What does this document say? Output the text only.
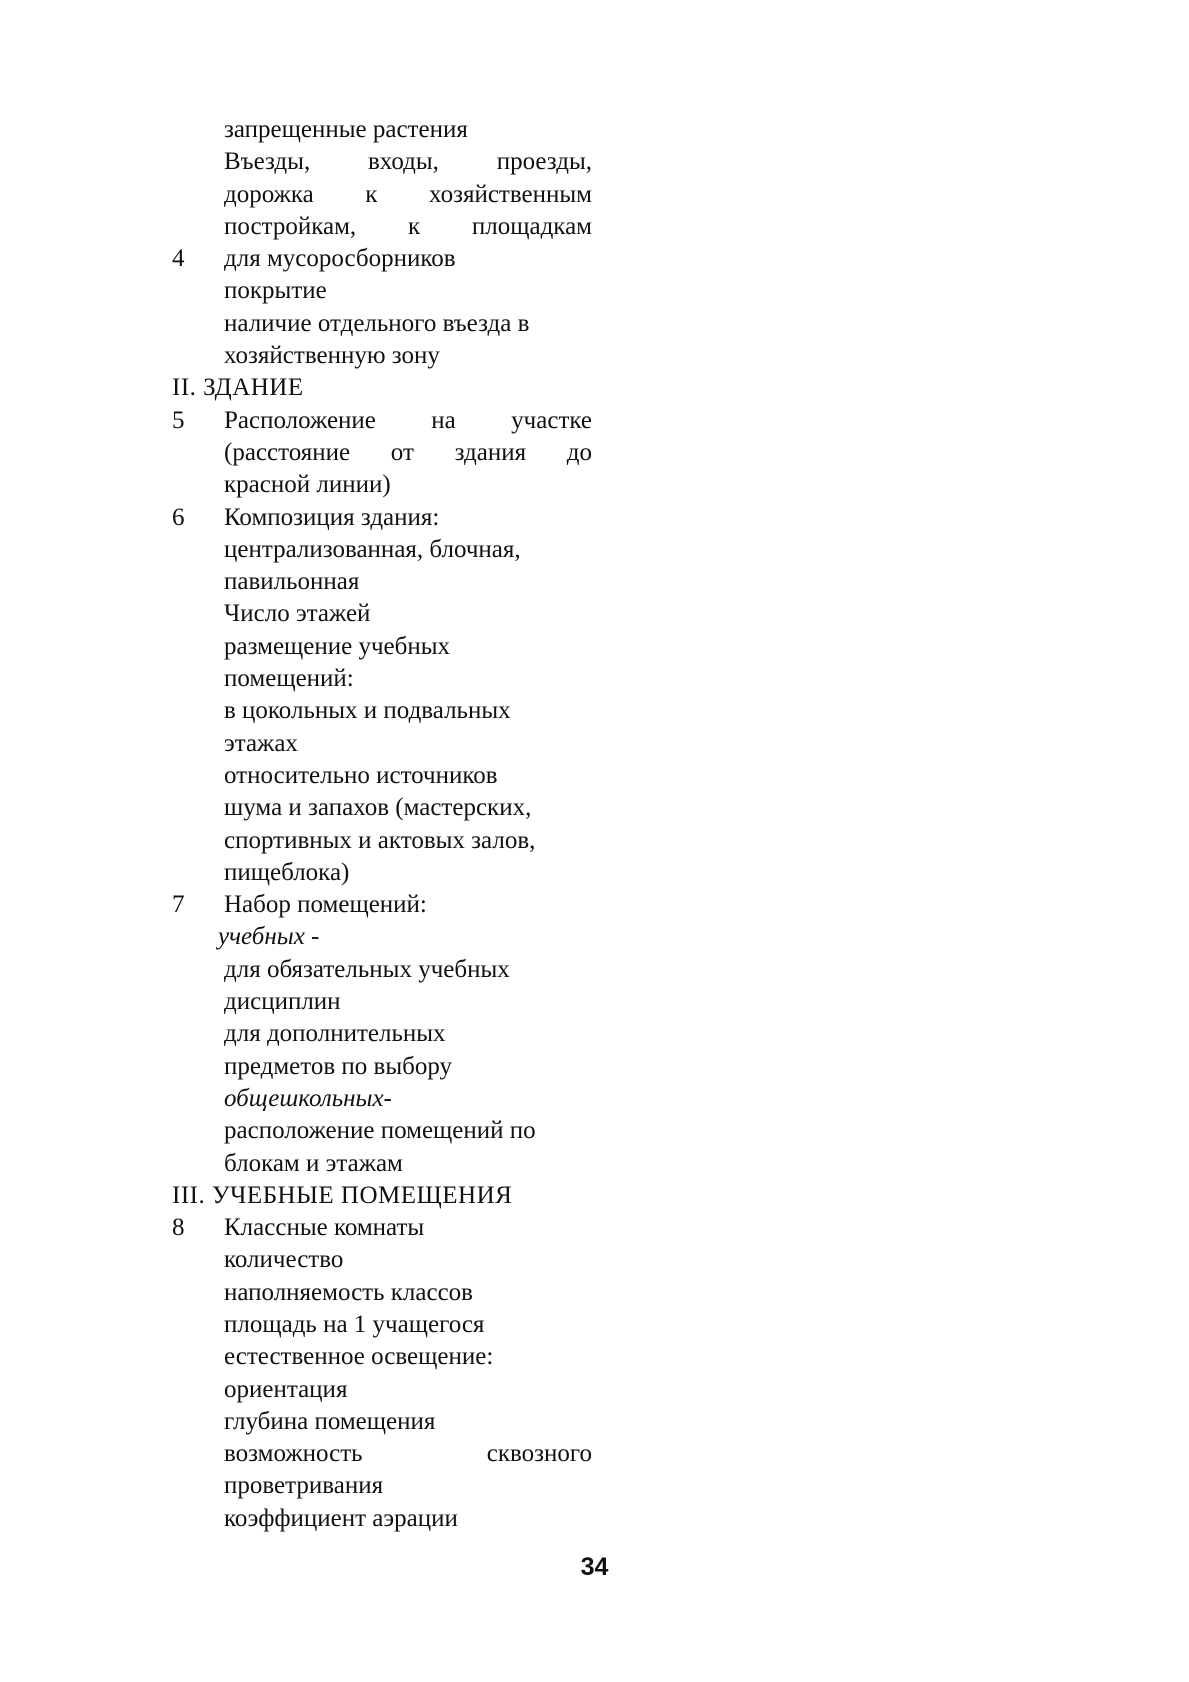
запрещенные растения
Въезды, входы, проезды,
дорожка к хозяйственным
постройкам, к площадкам
4 для мусоросборников
покрытие
наличие отдельного въезда в
хозяйственную зону
II. ЗДАНИЕ
5 Расположение на участке
(расстояние от здания до
красной линии)
6 Композиция здания:
централизованная, блочная,
павильонная
Число этажей
размещение учебных
помещений:
в цокольных и подвальных
этажах
относительно источников
шума и запахов (мастерских,
спортивных и актовых залов,
пищеблока)
7 Набор помещений:
учебных -
для обязательных учебных
дисциплин
для дополнительных
предметов по выбору
общешкольных-
расположение помещений по
блокам и этажам
III. УЧЕБНЫЕ ПОМЕЩЕНИЯ
8 Классные комнаты
количество
наполняемость классов
площадь на 1 учащегося
естественное освещение:
ориентация
глубина помещения
возможность сквозного
проветривания
коэффициент аэрации
34
